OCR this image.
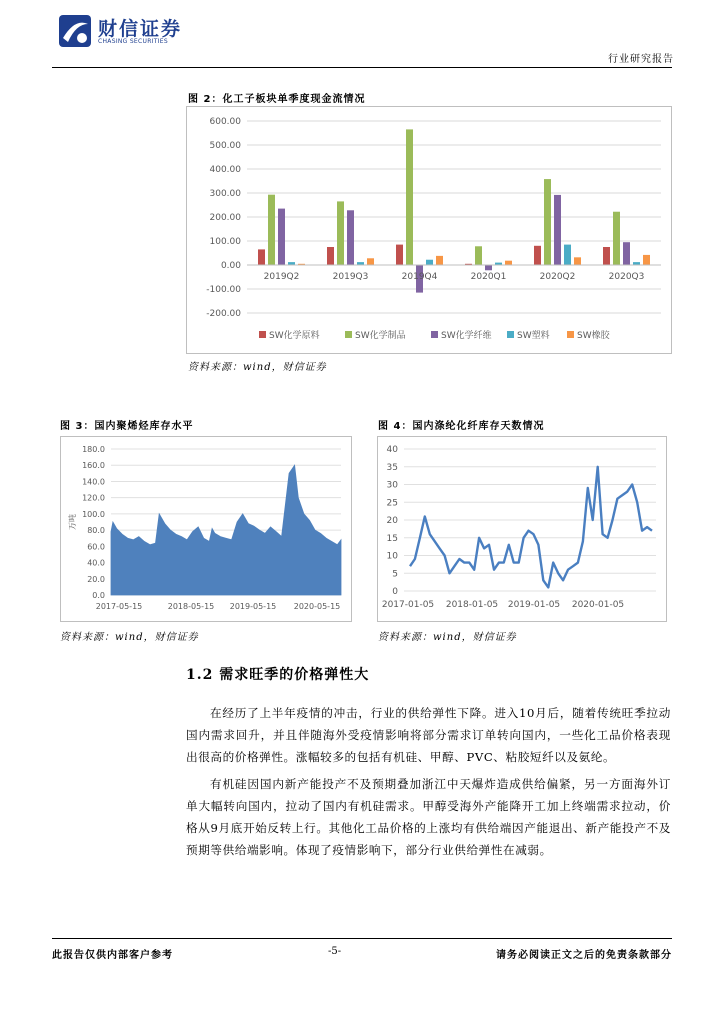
财信证券
CHASING SECURITIES
行业研究报告
图 2：化工子板块单季度现金流情况
600.00
500.00
400.00
300.00
200.00
100.00
0.00
-100.00
-200.00
2019Q2	2019Q3	2019Q4	2020Q1	2020Q2	2020Q3
SW化学原料	SW化学制品	SW化学纤维	SW塑料	SW橡胶
资料来源：wind，财信证券
图 3：国内聚烯烃库存水平
180.0
160.0
140.0
120.0
100.0
80.0
60.0
40.0
20.0
0.0
2017-05-15	2018-05-15 2019-05-15 2020-05-15
万吨
资料来源：wind，财信证券
图 4：国内涤纶化纤库存天数情况
40
35
30
25
20
15
10
5
0
2017-01-05 2018-01-05 2019-01-05 2020-01-05
资料来源：wind，财信证券
1.2 需求旺季的价格弹性大

在经历了上半年疫情的冲击，行业的供给弹性下降。进入10月后，随着传统旺季拉动国内需求回升，并且伴随海外受疫情影响将部分需求订单转向国内，一些化工品价格表现出很高的价格弹性。涨幅较多的包括有机硅、甲醇、PVC、粘胶短纤以及氨纶。

有机硅因国内新产能投产不及预期叠加浙江中天爆炸造成供给偏紧，另一方面海外订单大幅转向国内，拉动了国内有机硅需求。甲醇受海外产能降开工加上终端需求拉动，价格从9月底开始反转上行。其他化工品价格的上涨均有供给端因产能退出、新产能投产不及预期等供给端影响。体现了疫情影响下，部分行业供给弹性在减弱。

此报告仅供内部客户参考	-5-	请务必阅读正文之后的免责条款部分
